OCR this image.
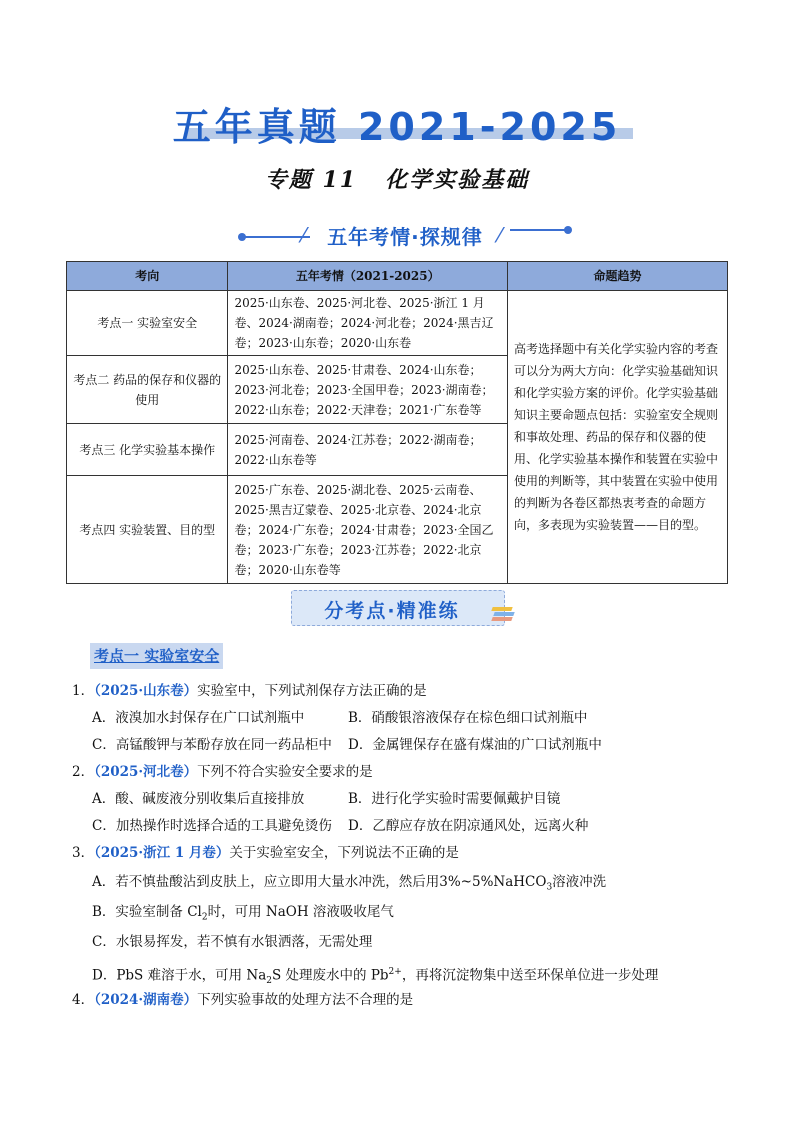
五年真题 2021-2025
专题 11 化学实验基础
⁄	五年考情·探规律 ⁄
考向	五年考情（2021-2025）	命题趋势
考点一 实验室安全	2025·山东卷、2025·河北卷、2025·浙江 1 月卷、2024·湖南卷；2024·河北卷；2024·黑吉辽卷；2023·山东卷；2020·山东卷	高考选择题中有关化学实验内容的考查可以分为两大方向：化学实验基础知识和化学实验方案的评价。化学实验基础知识主要命题点包括：实验室安全规则和事故处理、药品的保存和仪器的使用、化学实验基本操作和装置在实验中使用的判断等，其中装置在实验中使用的判断为各卷区都热衷考查的命题方向，多表现为实验装置——目的型。
考点二 药品的保存和仪器的使用	2025·山东卷、2025·甘肃卷、2024·山东卷；2023·河北卷；2023·全国甲卷；2023·湖南卷；2022·山东卷；2022·天津卷；2021·广东卷等	
考点三 化学实验基本操作	2025·河南卷、2024·江苏卷；2022·湖南卷；2022·山东卷等	
考点四 实验装置、目的型	2025·广东卷、2025·湖北卷、2025·云南卷、2025·黑吉辽蒙卷、2025·北京卷、2024·北京卷；2024·广东卷；2024·甘肃卷；2023·全国乙卷；2023·广东卷；2023·江苏卷；2022·北京卷；2020·山东卷等	
分考点·精准练
考点一 实验室安全
1．（2025·山东卷）实验室中，下列试剂保存方法正确的是
A．液溴加水封保存在广口试剂瓶中	B．硝酸银溶液保存在棕色细口试剂瓶中
C．高锰酸钾与苯酚存放在同一药品柜中 D．金属锂保存在盛有煤油的广口试剂瓶中
2．（2025·河北卷）下列不符合实验安全要求的是
A．酸、碱废液分别收集后直接排放	B．进行化学实验时需要佩戴护目镜
C．加热操作时选择合适的工具避免烫伤 D．乙醇应存放在阴凉通风处，远离火种
3．（2025·浙江 1 月卷）关于实验室安全，下列说法不正确的是
A．若不慎盐酸沾到皮肤上，应立即用大量水冲洗，然后用3%~5%NaHCO$_3$溶液冲洗
B．实验室制备 $Cl_2$时，可用 NaOH 溶液吸收尾气
C．水银易挥发，若不慎有水银洒落，无需处理
D．PbS 难溶于水，可用 $Na_2S$ 处理废水中的 $Pb^{2+}$，再将沉淀物集中送至环保单位进一步处理
4．（2024·湖南卷）下列实验事故的处理方法不合理的是
